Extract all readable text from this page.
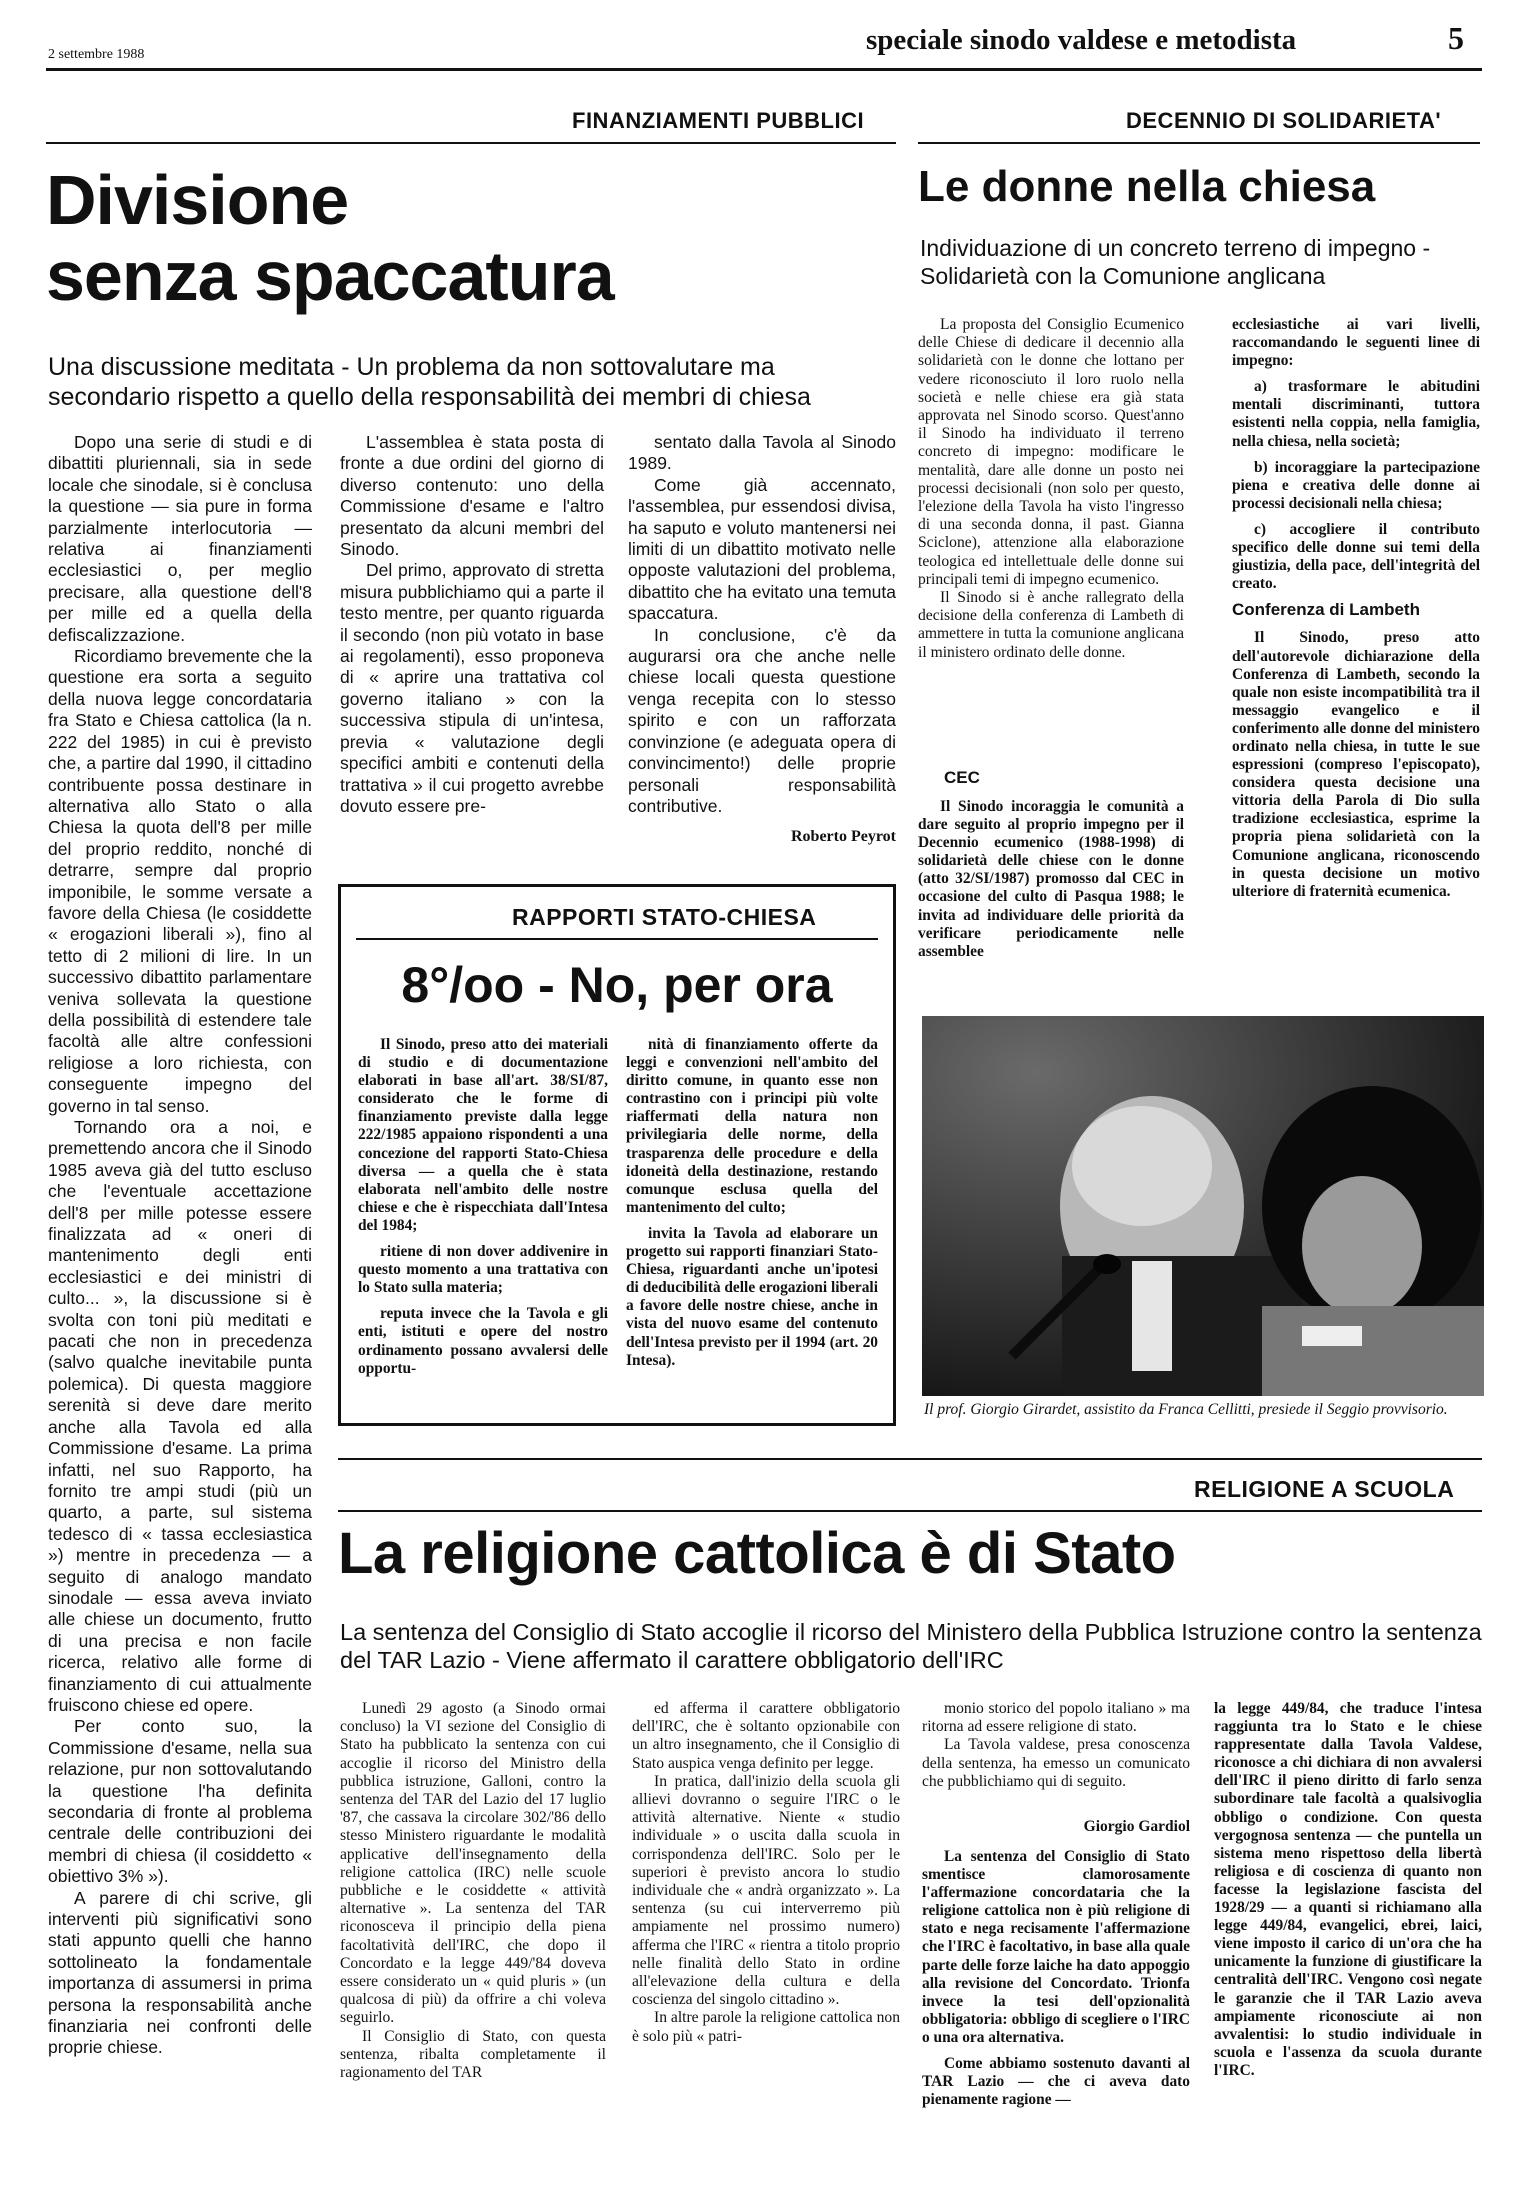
2 settembre 1988	speciale sinodo valdese e metodista	5
FINANZIAMENTI PUBBLICI
Divisione
senza spaccatura
Una discussione meditata - Un problema da non sottovalutare ma secondario rispetto a quello della responsabilità dei membri di chiesa

Dopo una serie di studi e di dibattiti pluriennali, sia in sede locale che sinodale, si è conclusa la questione — sia pure in forma parzialmente interlocutoria — relativa ai finanziamenti ecclesiastici o, per meglio precisare, alla questione dell'8 per mille ed a quella della defiscalizzazione.

Ricordiamo brevemente che la questione era sorta a seguito della nuova legge concordataria fra Stato e Chiesa cattolica (la n. 222 del 1985) in cui è previsto che, a partire dal 1990, il cittadino contribuente possa destinare in alternativa allo Stato o alla Chiesa la quota dell'8 per mille del proprio reddito, nonché di detrarre, sempre dal proprio imponibile, le somme versate a favore della Chiesa (le cosiddette « erogazioni liberali »), fino al tetto di 2 milioni di lire. In un successivo dibattito parlamentare veniva sollevata la questione della possibilità di estendere tale facoltà alle altre confessioni religiose a loro richiesta, con conseguente impegno del governo in tal senso.

Tornando ora a noi, e premettendo ancora che il Sinodo 1985 aveva già del tutto escluso che l'eventuale accettazione dell'8 per mille potesse essere finalizzata ad « oneri di mantenimento degli enti ecclesiastici e dei ministri di culto... », la discussione si è svolta con toni più meditati e pacati che non in precedenza (salvo qualche inevitabile punta polemica). Di questa maggiore serenità si deve dare merito anche alla Tavola ed alla Commissione d'esame. La prima infatti, nel suo Rapporto, ha fornito tre ampi studi (più un quarto, a parte, sul sistema tedesco di « tassa ecclesiastica ») mentre in precedenza — a seguito di analogo mandato sinodale — essa aveva inviato alle chiese un documento, frutto di una precisa e non facile ricerca, relativo alle forme di finanziamento di cui attualmente fruiscono chiese ed opere.

Per conto suo, la Commissione d'esame, nella sua relazione, pur non sottovalutando la questione l'ha definita secondaria di fronte al problema centrale delle contribuzioni dei membri di chiesa (il cosiddetto « obiettivo 3% »).

A parere di chi scrive, gli interventi più significativi sono stati appunto quelli che hanno sottolineato la fondamentale importanza di assumersi in prima persona la responsabilità anche finanziaria nei confronti delle proprie chiese.

L'assemblea è stata posta di fronte a due ordini del giorno di diverso contenuto: uno della Commissione d'esame e l'altro presentato da alcuni membri del Sinodo.

Del primo, approvato di stretta misura pubblichiamo qui a parte il testo mentre, per quanto riguarda il secondo (non più votato in base ai regolamenti), esso proponeva di « aprire una trattativa col governo italiano » con la successiva stipula di un'intesa, previa « valutazione degli specifici ambiti e contenuti della trattativa » il cui progetto avrebbe dovuto essere pre-

sentato dalla Tavola al Sinodo 1989.

Come già accennato, l'assemblea, pur essendosi divisa, ha saputo e voluto mantenersi nei limiti di un dibattito motivato nelle opposte valutazioni del problema, dibattito che ha evitato una temuta spaccatura.

In conclusione, c'è da augurarsi ora che anche nelle chiese locali questa questione venga recepita con lo stesso spirito e con un rafforzata convinzione (e adeguata opera di convincimento!) delle proprie personali responsabilità contributive.

Roberto Peyrot
RAPPORTI STATO-CHIESA
8°/oo - No, per ora

Il Sinodo, preso atto dei materiali di studio e di documentazione elaborati in base all'art. 38/SI/87, considerato che le forme di finanziamento previste dalla legge 222/1985 appaiono rispondenti a una concezione del rapporti Stato-Chiesa diversa — a quella che è stata elaborata nell'ambito delle nostre chiese e che è rispecchiata dall'Intesa del 1984;

ritiene di non dover addivenire in questo momento a una trattativa con lo Stato sulla materia;

reputa invece che la Tavola e gli enti, istituti e opere del nostro ordinamento possano avvalersi delle opportu-

nità di finanziamento offerte da leggi e convenzioni nell'ambito del diritto comune, in quanto esse non contrastino con i principi più volte riaffermati della natura non privilegiaria delle norme, della trasparenza delle procedure e della idoneità della destinazione, restando comunque esclusa quella del mantenimento del culto;

invita la Tavola ad elaborare un progetto sui rapporti finanziari Stato-Chiesa, riguardanti anche un'ipotesi di deducibilità delle erogazioni liberali a favore delle nostre chiese, anche in vista del nuovo esame del contenuto dell'Intesa previsto per il 1994 (art. 20 Intesa).

DECENNIO DI SOLIDARIETA'
Le donne nella chiesa
Individuazione di un concreto terreno di impegno - Solidarietà con la Comunione anglicana

La proposta del Consiglio Ecumenico delle Chiese di dedicare il decennio alla solidarietà con le donne che lottano per vedere riconosciuto il loro ruolo nella società e nelle chiese era già stata approvata nel Sinodo scorso. Quest'anno il Sinodo ha individuato il terreno concreto di impegno: modificare le mentalità, dare alle donne un posto nei processi decisionali (non solo per questo, l'elezione della Tavola ha visto l'ingresso di una seconda donna, il past. Gianna Sciclone), attenzione alla elaborazione teologica ed intellettuale delle donne sui principali temi di impegno ecumenico.

Il Sinodo si è anche rallegrato della decisione della conferenza di Lambeth di ammettere in tutta la comunione anglicana il ministero ordinato delle donne.

CEC

Il Sinodo incoraggia le comunità a dare seguito al proprio impegno per il Decennio ecumenico (1988-1998) di solidarietà delle chiese con le donne (atto 32/SI/1987) promosso dal CEC in occasione del culto di Pasqua 1988; le invita ad individuare delle priorità da verificare periodicamente nelle assemblee

ecclesiastiche ai vari livelli, raccomandando le seguenti linee di impegno:

a) trasformare le abitudini mentali discriminanti, tuttora esistenti nella coppia, nella famiglia, nella chiesa, nella società;

b) incoraggiare la partecipazione piena e creativa delle donne ai processi decisionali nella chiesa;

c) accogliere il contributo specifico delle donne sui temi della giustizia, della pace, dell'integrità del creato.

Conferenza di Lambeth

Il Sinodo, preso atto dell'autorevole dichiarazione della Conferenza di Lambeth, secondo la quale non esiste incompatibilità tra il messaggio evangelico e il conferimento alle donne del ministero ordinato nella chiesa, in tutte le sue espressioni (compreso l'episcopato), considera questa decisione una vittoria della Parola di Dio sulla tradizione ecclesiastica, esprime la propria piena solidarietà con la Comunione anglicana, riconoscendo in questa decisione un motivo ulteriore di fraternità ecumenica.

Il prof. Giorgio Girardet, assistito da Franca Cellitti, presiede il Seggio provvisorio.
RELIGIONE A SCUOLA
La religione cattolica è di Stato
La sentenza del Consiglio di Stato accoglie il ricorso del Ministero della Pubblica Istruzione contro la sentenza del TAR Lazio - Viene affermato il carattere obbligatorio dell'IRC

Lunedì 29 agosto (a Sinodo ormai concluso) la VI sezione del Consiglio di Stato ha pubblicato la sentenza con cui accoglie il ricorso del Ministro della pubblica istruzione, Galloni, contro la sentenza del TAR del Lazio del 17 luglio '87, che cassava la circolare 302/'86 dello stesso Ministero riguardante le modalità applicative dell'insegnamento della religione cattolica (IRC) nelle scuole pubbliche e le cosiddette « attività alternative ». La sentenza del TAR riconosceva il principio della piena facoltatività dell'IRC, che dopo il Concordato e la legge 449/'84 doveva essere considerato un « quid pluris » (un qualcosa di più) da offrire a chi voleva seguirlo.

Il Consiglio di Stato, con questa sentenza, ribalta completamente il ragionamento del TAR

ed afferma il carattere obbligatorio dell'IRC, che è soltanto opzionabile con un altro insegnamento, che il Consiglio di Stato auspica venga definito per legge.

In pratica, dall'inizio della scuola gli allievi dovranno o seguire l'IRC o le attività alternative. Niente « studio individuale » o uscita dalla scuola in corrispondenza dell'IRC. Solo per le superiori è previsto ancora lo studio individuale che « andrà organizzato ». La sentenza (su cui interverremo più ampiamente nel prossimo numero) afferma che l'IRC « rientra a titolo proprio nelle finalità dello Stato in ordine all'elevazione della cultura e della coscienza del singolo cittadino ».

In altre parole la religione cattolica non è solo più « patri-

monio storico del popolo italiano » ma ritorna ad essere religione di stato.

La Tavola valdese, presa conoscenza della sentenza, ha emesso un comunicato che pubblichiamo qui di seguito.

Giorgio Gardiol

La sentenza del Consiglio di Stato smentisce clamorosamente l'affermazione concordataria che la religione cattolica non è più religione di stato e nega recisamente l'affermazione che l'IRC è facoltativo, in base alla quale parte delle forze laiche ha dato appoggio alla revisione del Concordato. Trionfa invece la tesi dell'opzionalità obbligatoria: obbligo di scegliere o l'IRC o una ora alternativa.

Come abbiamo sostenuto davanti al TAR Lazio — che ci aveva dato pienamente ragione —

la legge 449/84, che traduce l'intesa raggiunta tra lo Stato e le chiese rappresentate dalla Tavola Valdese, riconosce a chi dichiara di non avvalersi dell'IRC il pieno diritto di farlo senza subordinare tale facoltà a qualsivoglia obbligo o condizione. Con questa vergognosa sentenza — che puntella un sistema meno rispettoso della libertà religiosa e di coscienza di quanto non facesse la legislazione fascista del 1928/29 — a quanti si richiamano alla legge 449/84, evangelici, ebrei, laici, viene imposto il carico di un'ora che ha unicamente la funzione di giustificare la centralità dell'IRC. Vengono così negate le garanzie che il TAR Lazio aveva ampiamente riconosciute ai non avvalentisi: lo studio individuale in scuola e l'assenza da scuola durante l'IRC.
